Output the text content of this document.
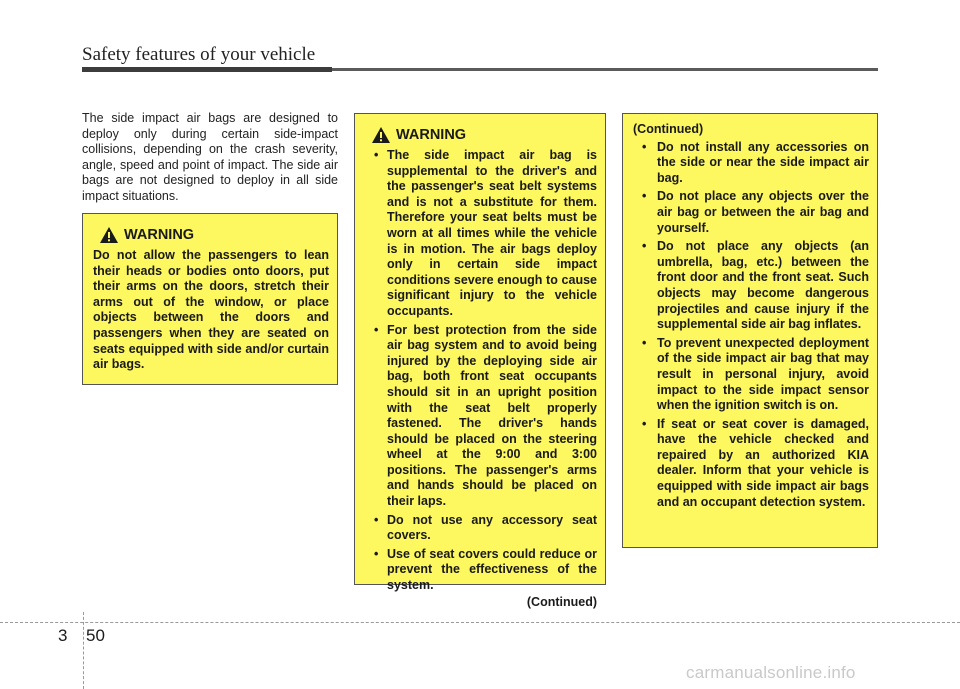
Safety features of your vehicle

The side impact air bags are designed to deploy only during certain side-impact collisions, depending on the crash severity, angle, speed and point of impact. The side air bags are not designed to deploy in all side impact situations.

WARNING

Do not allow the passengers to lean their heads or bodies onto doors, put their arms on the doors, stretch their arms out of the window, or place objects between the doors and passengers when they are seated on seats equipped with side and/or curtain air bags.

WARNING
• The side impact air bag is supplemental to the driver's and the passenger's seat belt systems and is not a substitute for them. Therefore your seat belts must be worn at all times while the vehicle is in motion. The air bags deploy only in certain side impact conditions severe enough to cause significant injury to the vehicle occupants.
• For best protection from the side air bag system and to avoid being injured by the deploying side air bag, both front seat occupants should sit in an upright position with the seat belt properly fastened. The driver's hands should be placed on the steering wheel at the 9:00 and 3:00 positions. The passenger's arms and hands should be placed on their laps.
• Do not use any accessory seat covers.
• Use of seat covers could reduce or prevent the effectiveness of the system.
(Continued)

(Continued)

• Do not install any accessories on the side or near the side impact air bag.
• Do not place any objects over the air bag or between the air bag and yourself.
• Do not place any objects (an umbrella, bag, etc.) between the front door and the front seat. Such objects may become dangerous projectiles and cause injury if the supplemental side air bag inflates.
• To prevent unexpected deployment of the side impact air bag that may result in personal injury, avoid impact to the side impact sensor when the ignition switch is on.
• If seat or seat cover is damaged, have the vehicle checked and repaired by an authorized KIA dealer. Inform that your vehicle is equipped with side impact air bags and an occupant detection system.
3 50
carmanualsonline.info
